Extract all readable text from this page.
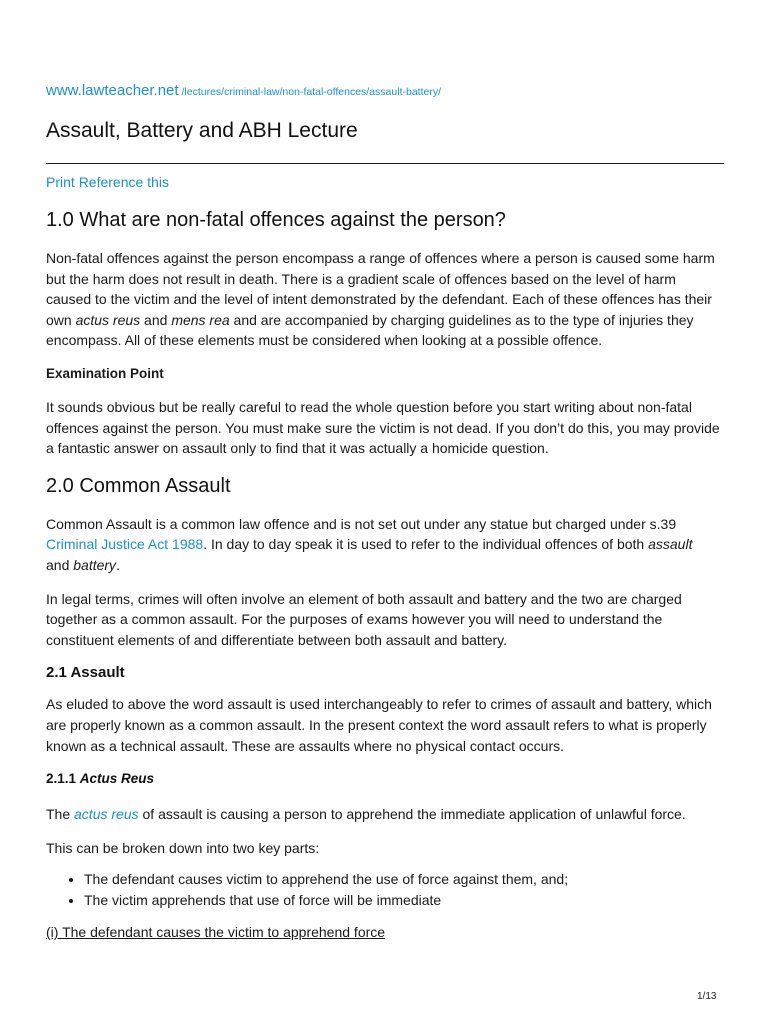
www.lawteacher.net /lectures/criminal-law/non-fatal-offences/assault-battery/
Assault, Battery and ABH Lecture
Print Reference this
1.0 What are non-fatal offences against the person?

Non-fatal offences against the person encompass a range of offences where a person is caused some harm but the harm does not result in death. There is a gradient scale of offences based on the level of harm caused to the victim and the level of intent demonstrated by the defendant. Each of these offences has their own actus reus and mens rea and are accompanied by charging guidelines as to the type of injuries they encompass. All of these elements must be considered when looking at a possible offence.

Examination Point

It sounds obvious but be really careful to read the whole question before you start writing about non-fatal offences against the person. You must make sure the victim is not dead. If you don’t do this, you may provide a fantastic answer on assault only to find that it was actually a homicide question.

2.0 Common Assault

Common Assault is a common law offence and is not set out under any statue but charged under s.39 Criminal Justice Act 1988. In day to day speak it is used to refer to the individual offences of both assault
and battery.

In legal terms, crimes will often involve an element of both assault and battery and the two are charged together as a common assault. For the purposes of exams however you will need to understand the constituent elements of and differentiate between both assault and battery.

2.1 Assault

As eluded to above the word assault is used interchangeably to refer to crimes of assault and battery, which are properly known as a common assault. In the present context the word assault refers to what is properly known as a technical assault. These are assaults where no physical contact occurs.

2.1.1 Actus Reus

The actus reus of assault is causing a person to apprehend the immediate application of unlawful force.

This can be broken down into two key parts:

• The defendant causes victim to apprehend the use of force against them, and;
• The victim apprehends that use of force will be immediate
(i) The defendant causes the victim to apprehend force
1/13
